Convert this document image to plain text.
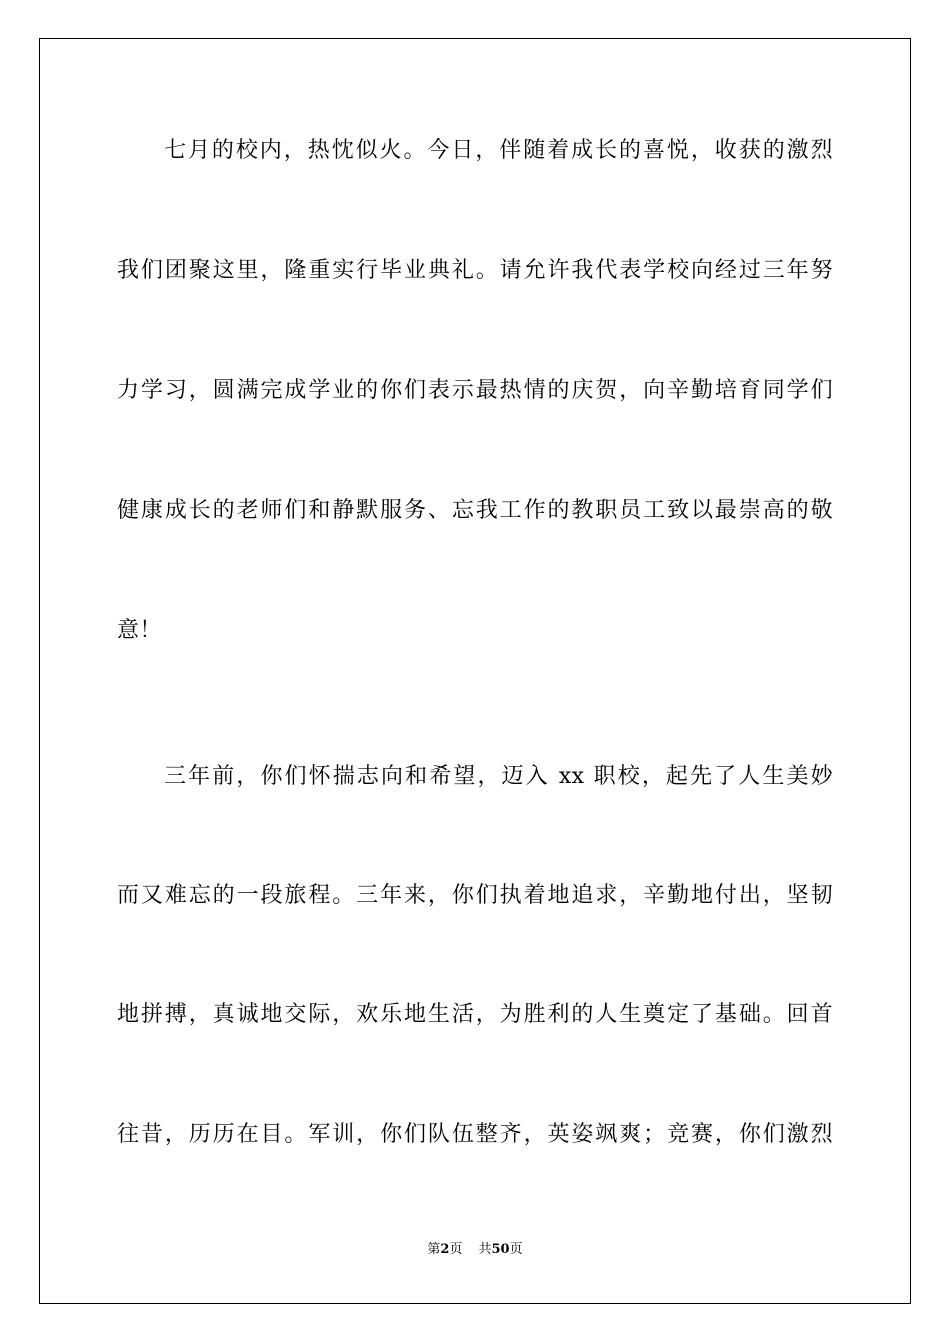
七月的校内，热忱似火。今日，伴随着成长的喜悦，收获的激烈
我们团聚这里，隆重实行毕业典礼。请允许我代表学校向经过三年努
力学习，圆满完成学业的你们表示最热情的庆贺，向辛勤培育同学们
健康成长的老师们和静默服务、忘我工作的教职员工致以最崇高的敬
意！
三年前，你们怀揣志向和希望，迈入 xx 职校，起先了人生美妙
而又难忘的一段旅程。三年来，你们执着地追求，辛勤地付出，坚韧
地拼搏，真诚地交际，欢乐地生活，为胜利的人生奠定了基础。回首
往昔，历历在目。军训，你们队伍整齐，英姿飒爽；竞赛，你们激烈
第2页 共50页
